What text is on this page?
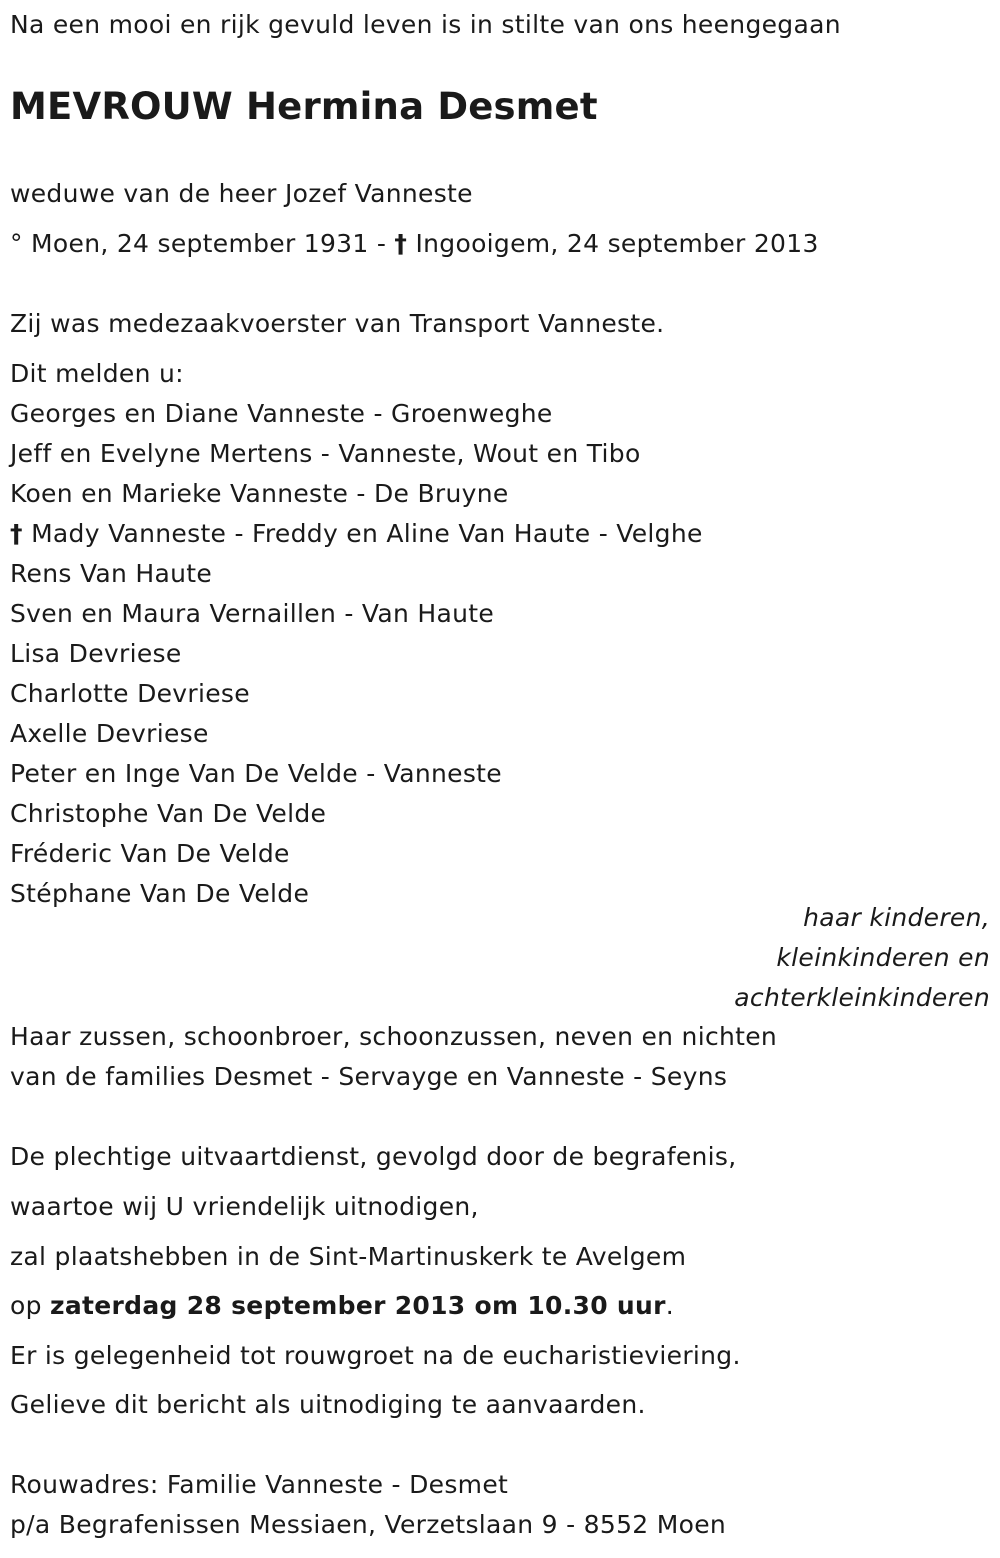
Na een mooi en rijk gevuld leven is in stilte van ons heengegaan
MEVROUW Hermina Desmet
weduwe van de heer Jozef Vanneste
° Moen, 24 september 1931 - † Ingooigem, 24 september 2013
Zij was medezaakvoerster van Transport Vanneste.
Dit melden u:
Georges en Diane Vanneste - Groenweghe
Jeff en Evelyne Mertens - Vanneste, Wout en Tibo
Koen en Marieke Vanneste - De Bruyne
† Mady Vanneste - Freddy en Aline Van Haute - Velghe
Rens Van Haute
Sven en Maura Vernaillen - Van Haute
Lisa Devriese
Charlotte Devriese
Axelle Devriese
Peter en Inge Van De Velde - Vanneste
Christophe Van De Velde
Fréderic Van De Velde
Stéphane Van De Velde
haar kinderen,
kleinkinderen en
achterkleinkinderen
Haar zussen, schoonbroer, schoonzussen, neven en nichten
van de families Desmet - Servayge en Vanneste - Seyns
De plechtige uitvaartdienst, gevolgd door de begrafenis,
waartoe wij U vriendelijk uitnodigen,
zal plaatshebben in de Sint-Martinuskerk te Avelgem
op zaterdag 28 september 2013 om 10.30 uur.
Er is gelegenheid tot rouwgroet na de eucharistieviering.
Gelieve dit bericht als uitnodiging te aanvaarden.
Rouwadres: Familie Vanneste - Desmet
p/a Begrafenissen Messiaen, Verzetslaan 9 - 8552 Moen
